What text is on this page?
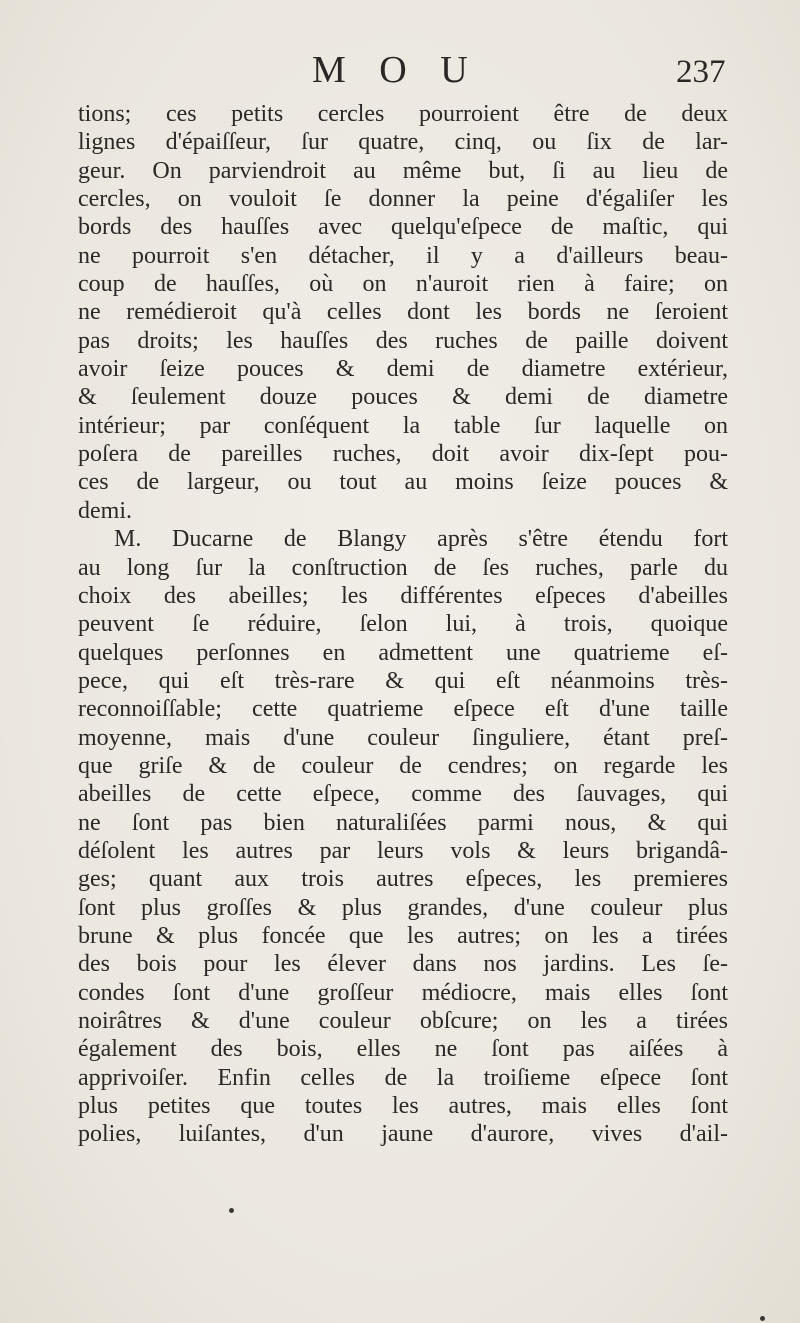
M O U	237
tions; ces petits cercles pourroient être de deux
lignes d'épaiſſeur, ſur quatre, cinq, ou ſix de lar-
geur. On parviendroit au même but, ſi au lieu de
cercles, on vouloit ſe donner la peine d'égaliſer les
bords des hauſſes avec quelqu'eſpece de maſtic, qui
ne pourroit s'en détacher, il y a d'ailleurs beau-
coup de hauſſes, où on n'auroit rien à faire; on
ne remédieroit qu'à celles dont les bords ne ſeroient
pas droits; les hauſſes des ruches de paille doivent
avoir ſeize pouces & demi de diametre extérieur,
& ſeulement douze pouces & demi de diametre
intérieur; par conſéquent la table ſur laquelle on
poſera de pareilles ruches, doit avoir dix-ſept pou-
ces de largeur, ou tout au moins ſeize pouces &
demi.
M. Ducarne de Blangy après s'être étendu fort
au long ſur la conſtruction de ſes ruches, parle du
choix des abeilles; les différentes eſpeces d'abeilles
peuvent ſe réduire, ſelon lui, à trois, quoique
quelques perſonnes en admettent une quatrieme eſ-
pece, qui eſt très-rare & qui eſt néanmoins très-
reconnoiſſable; cette quatrieme eſpece eſt d'une taille
moyenne, mais d'une couleur ſinguliere, étant preſ-
que griſe & de couleur de cendres; on regarde les
abeilles de cette eſpece, comme des ſauvages, qui
ne ſont pas bien naturaliſées parmi nous, & qui
déſolent les autres par leurs vols & leurs brigandâ-
ges; quant aux trois autres eſpeces, les premieres
ſont plus groſſes & plus grandes, d'une couleur plus
brune & plus foncée que les autres; on les a tirées
des bois pour les élever dans nos jardins. Les ſe-
condes ſont d'une groſſeur médiocre, mais elles ſont
noirâtres & d'une couleur obſcure; on les a tirées
également des bois, elles ne ſont pas aiſées à
apprivoiſer. Enfin celles de la troiſieme eſpece ſont
plus petites que toutes les autres, mais elles ſont
polies, luiſantes, d'un jaune d'aurore, vives d'ail-
